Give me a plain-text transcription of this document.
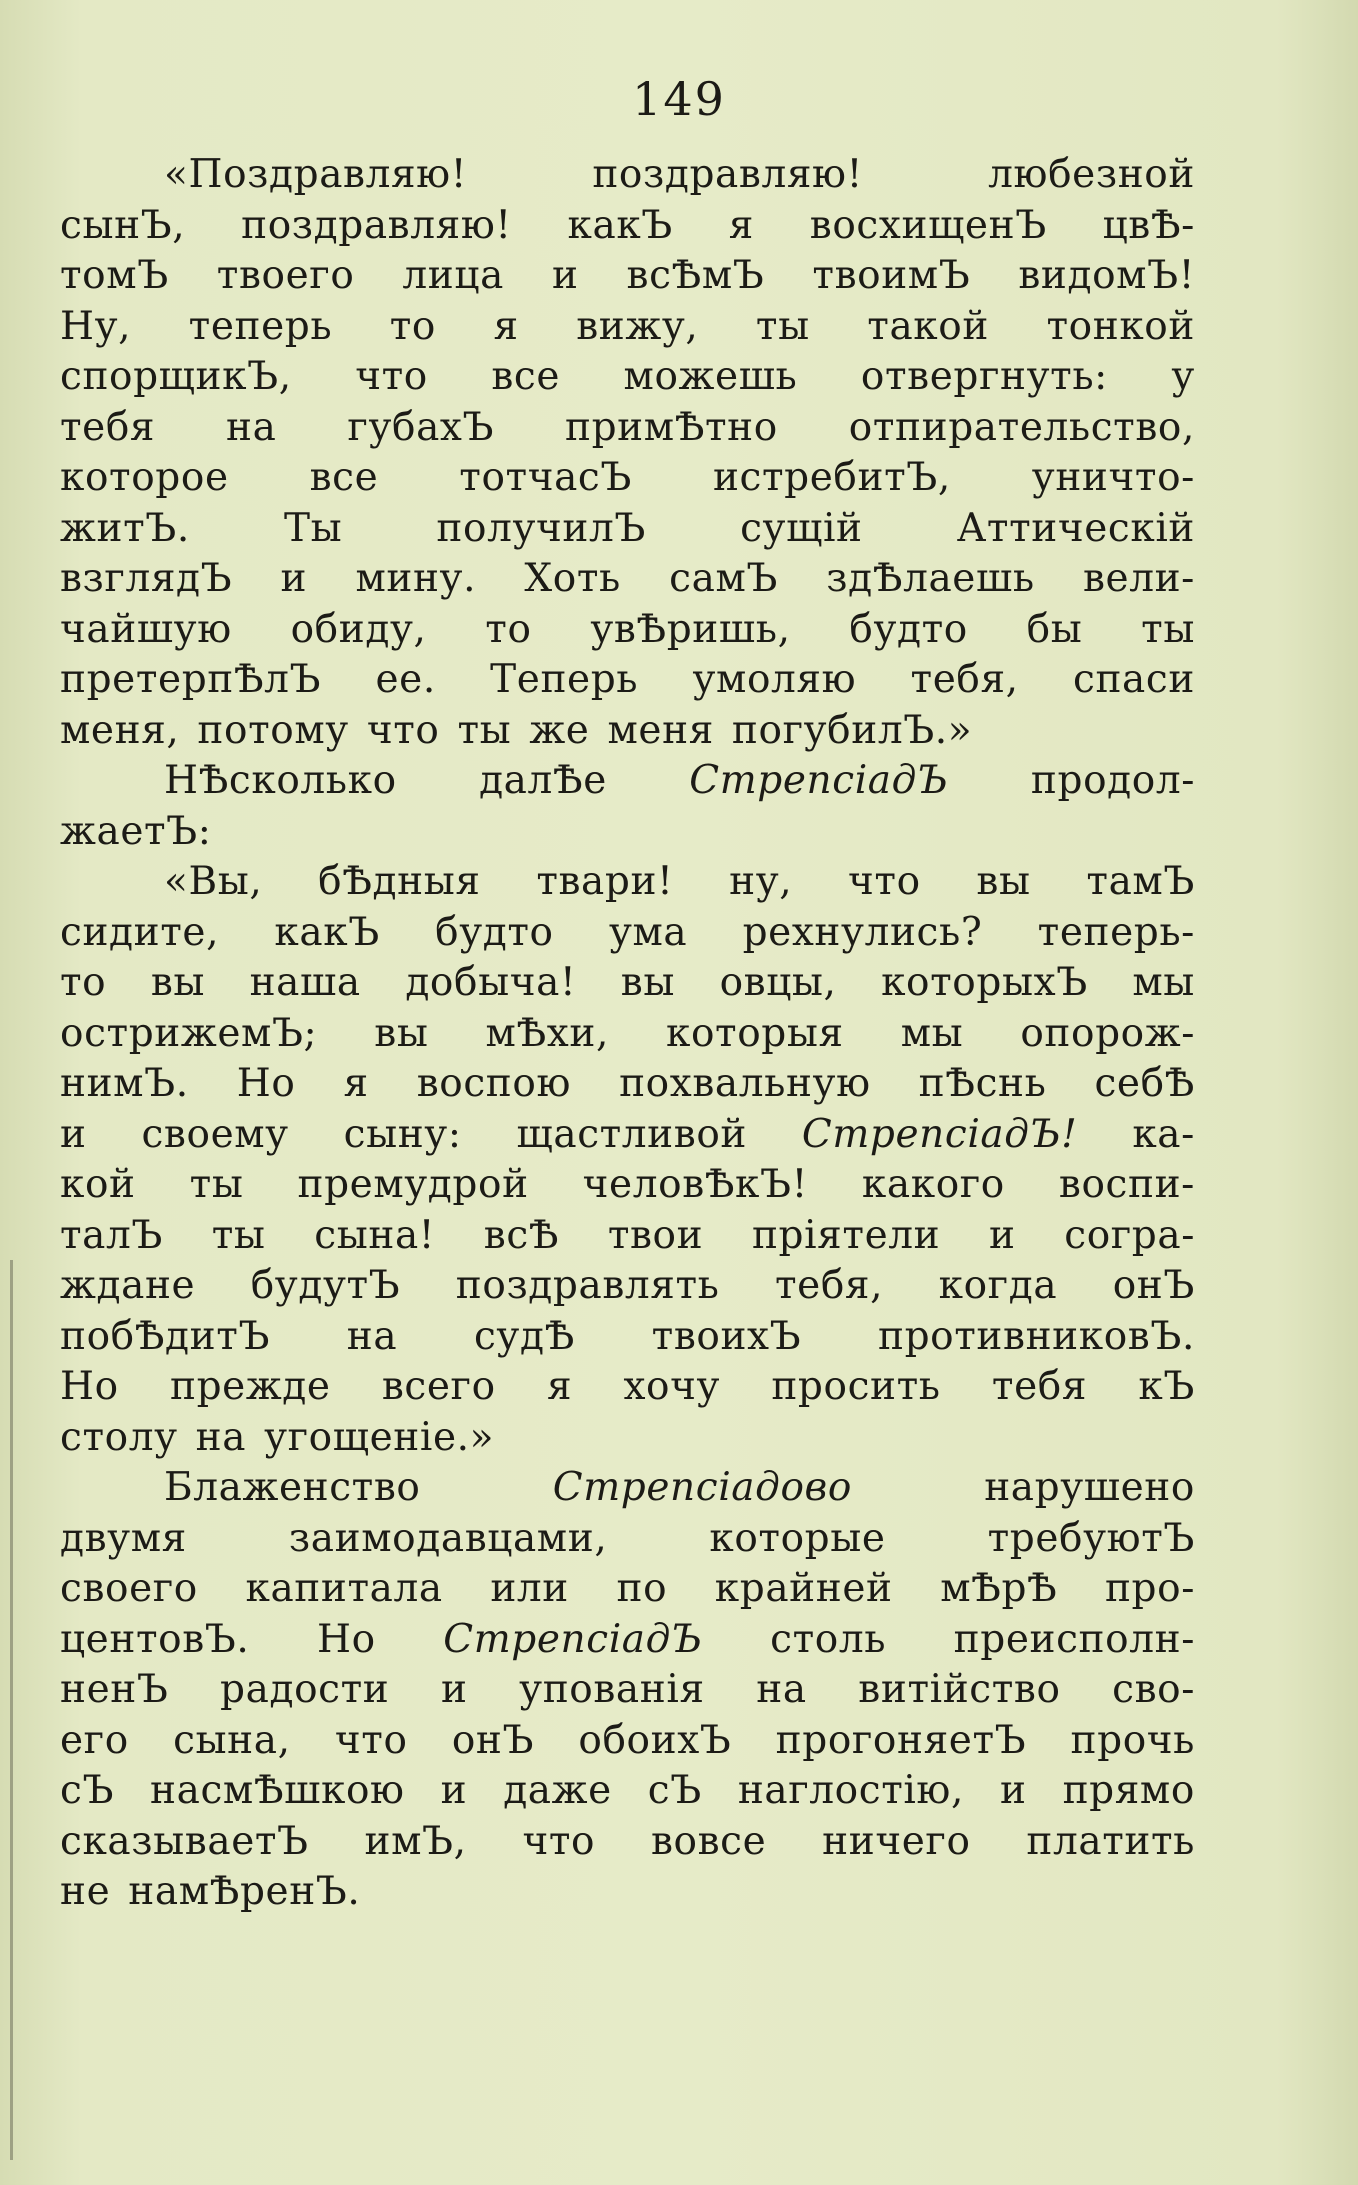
149
«Поздравляю!	поздравляю!	любезной
сынЪ, поздравляю! какЪ я восхищенЪ цвѢ-
томЪ твоего лица и всѢмЪ твоимЪ видомЪ!
Ну, теперь то я вижу, ты такой тонкой
спорщикЪ, что все можешь отвергнуть: у
тебя на губахЪ примѢтно отпирательство,
которое все тотчасЪ истребитЪ, уничто-
житЪ. Ты получилЪ сущій Аттическій
взглядЪ и мину. Хоть самЪ здѢлаешь вели-
чайшую обиду, то увѢришь, будто бы ты
претерпѢлЪ ее. Теперь умоляю тебя, спаси
меня, потому что ты же меня погубилЪ.»
НѢсколько далѢе СтрепсіадЪ продол-
жаетЪ:
«Вы, бѢдныя твари! ну, что вы тамЪ
сидите, какЪ будто ума рехнулись? теперь-
то вы наша добыча! вы овцы, которыхЪ мы
острижемЪ; вы мѢхи, которыя мы опорож-
нимЪ. Но я воспою похвальную пѢснь себѢ
и своему сыну: щастливой СтрепсіадЪ! ка-
кой ты премудрой человѢкЪ! какого воспи-
талЪ ты сына! всѢ твои пріятели и согра-
ждане будутЪ поздравлять тебя, когда онЪ
побѢдитЪ на судѢ твоихЪ противниковЪ.
Но прежде всего я хочу просить тебя кЪ
столу на угощеніе.»
Блаженство	Стрепсіадово	нарушено
двумя	заимодавцами,	которые	требуютЪ
своего капитала или по крайней мѢрѢ про-
центовЪ. Но СтрепсіадЪ столь преисполн-
ненЪ радости и упованія на витійство сво-
его сына, что онЪ обоихЪ прогоняетЪ прочь
сЪ насмѢшкою и даже сЪ наглостію, и прямо
сказываетЪ имЪ, что вовсе ничего платить
не намѢренЪ.
